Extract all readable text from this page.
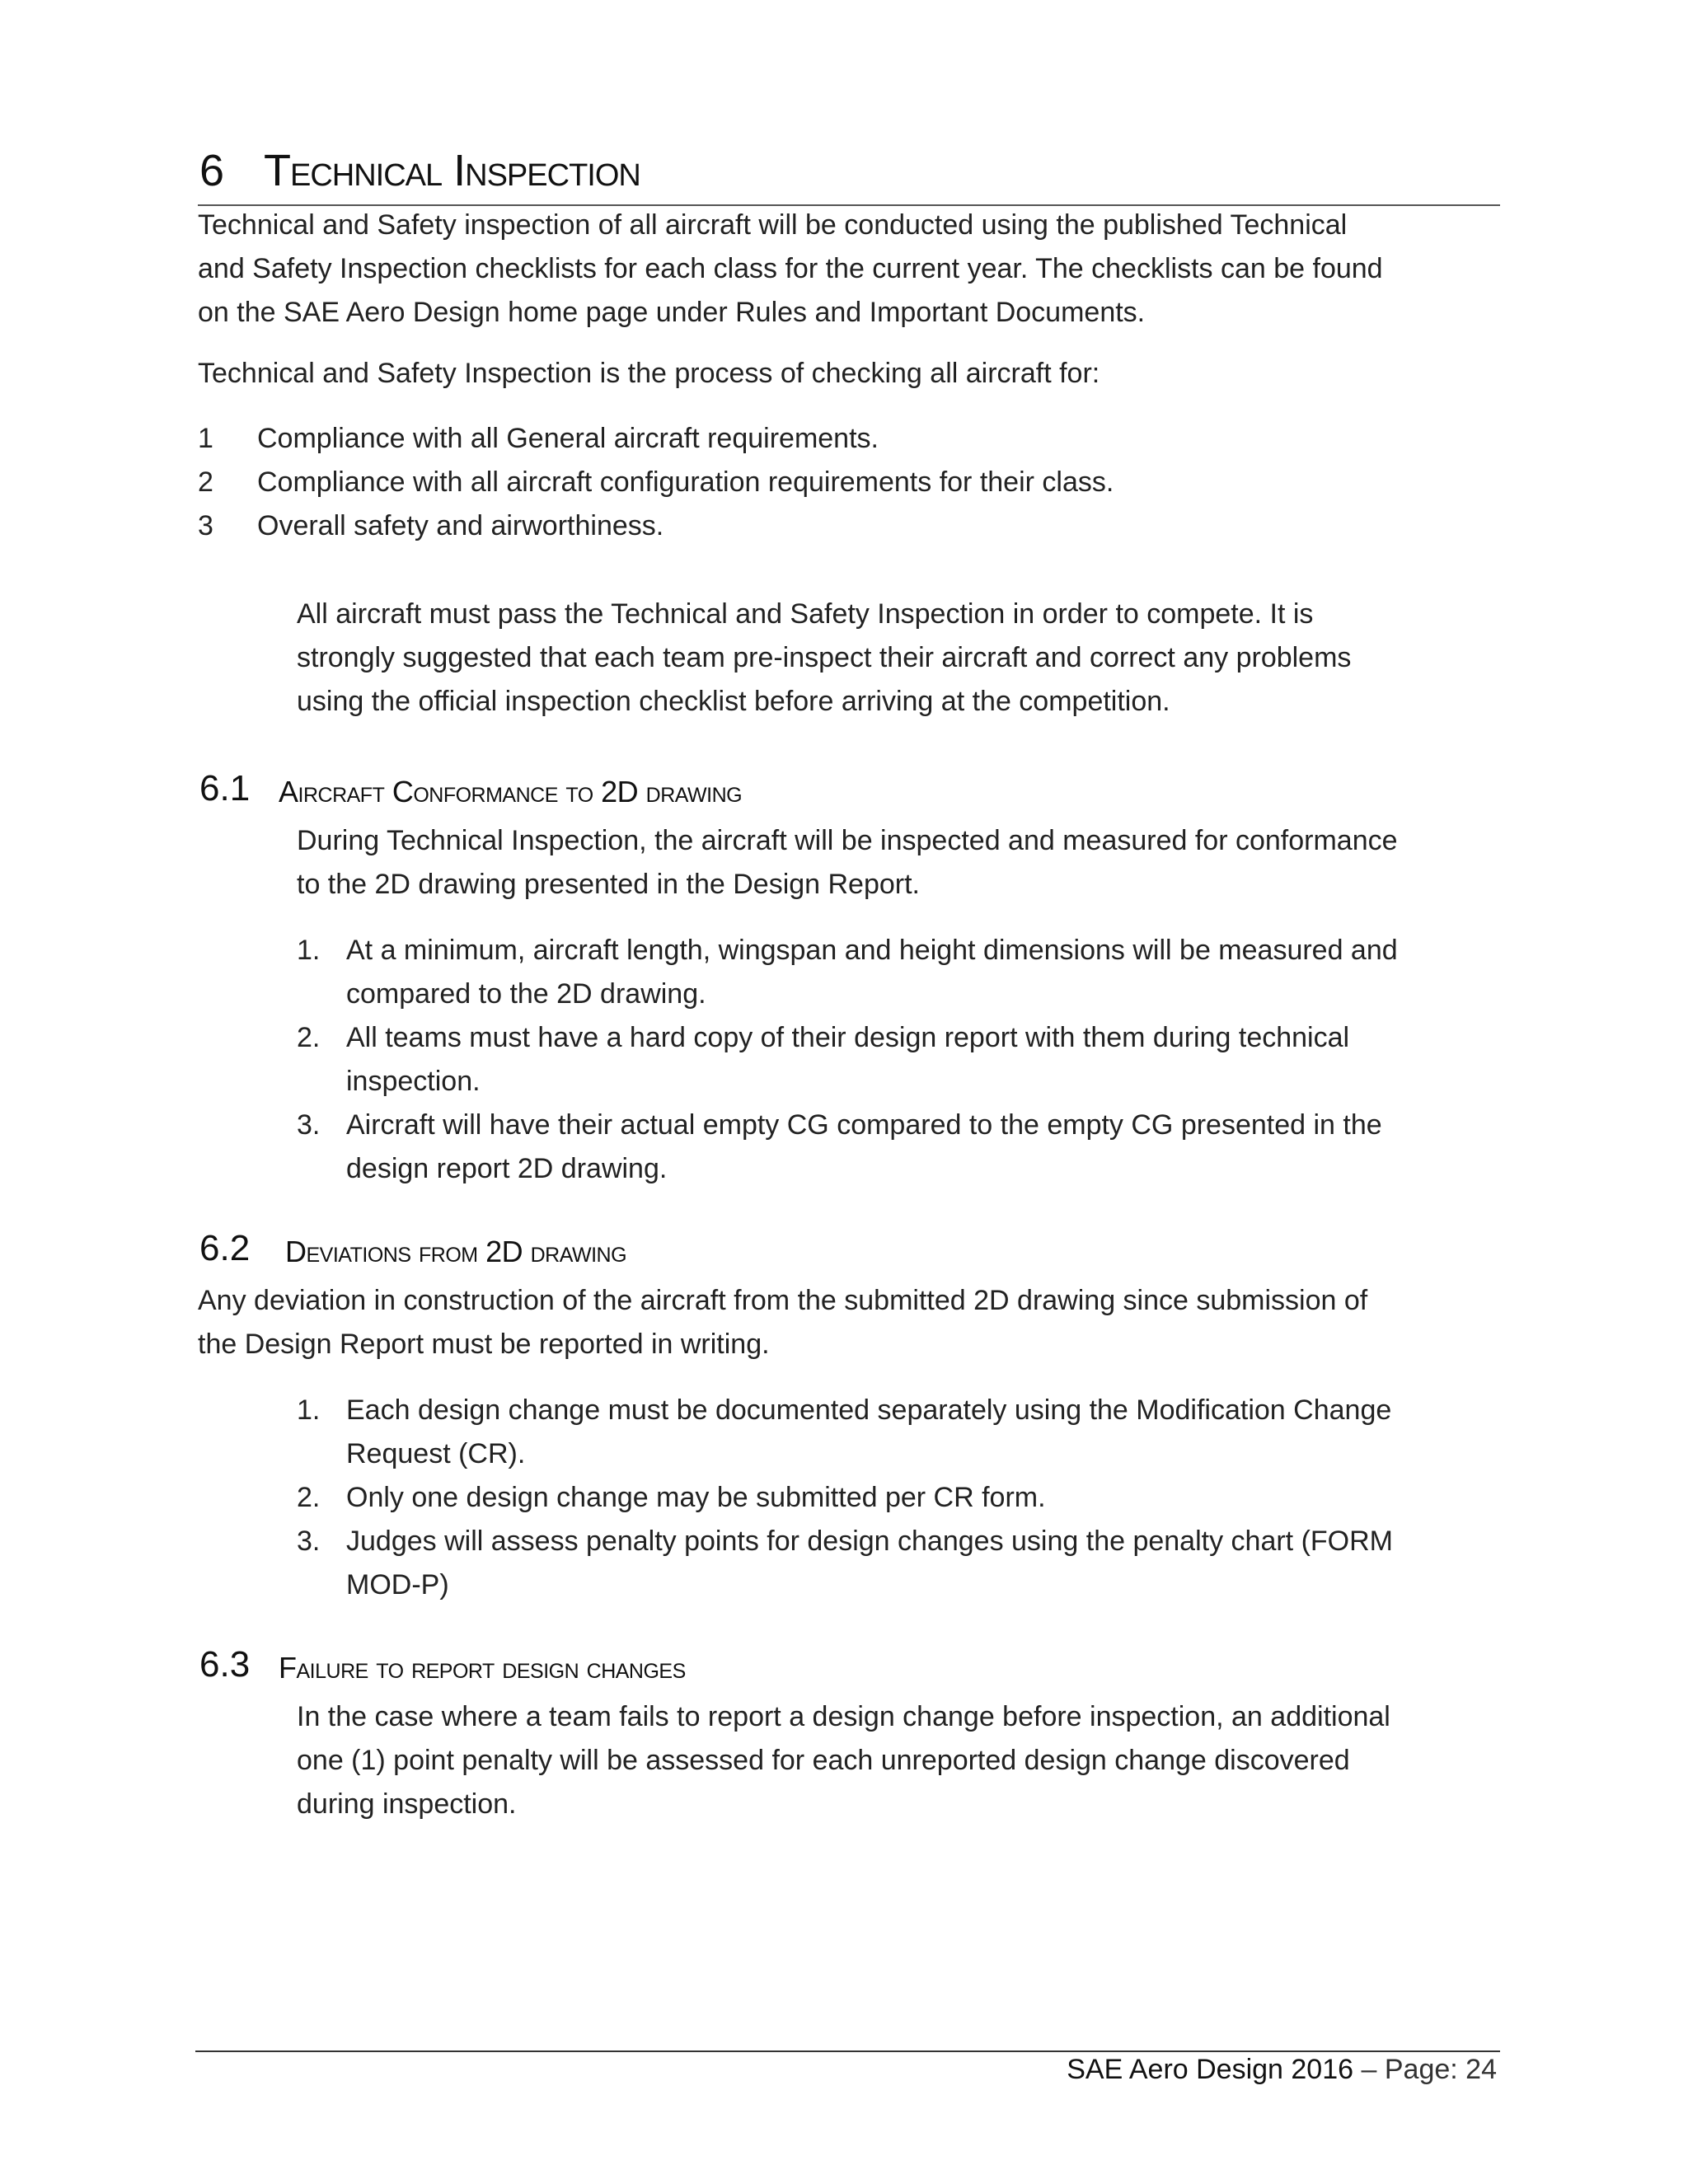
6 Technical Inspection
Technical and Safety inspection of all aircraft will be conducted using the published Technical
and Safety Inspection checklists for each class for the current year. The checklists can be found
on the SAE Aero Design home page under Rules and Important Documents.
Technical and Safety Inspection is the process of checking all aircraft for:
1 Compliance with all General aircraft requirements.
2 Compliance with all aircraft configuration requirements for their class.
3 Overall safety and airworthiness.
All aircraft must pass the Technical and Safety Inspection in order to compete. It is
strongly suggested that each team pre-inspect their aircraft and correct any problems
using the official inspection checklist before arriving at the competition.
6.1 Aircraft Conformance to 2D drawing
During Technical Inspection, the aircraft will be inspected and measured for conformance
to the 2D drawing presented in the Design Report.
1. At a minimum, aircraft length, wingspan and height dimensions will be measured and
compared to the 2D drawing.
2. All teams must have a hard copy of their design report with them during technical
inspection.
3. Aircraft will have their actual empty CG compared to the empty CG presented in the
design report 2D drawing.
6.2 Deviations from 2D drawing
Any deviation in construction of the aircraft from the submitted 2D drawing since submission of
the Design Report must be reported in writing.
1. Each design change must be documented separately using the Modification Change
Request (CR).
2. Only one design change may be submitted per CR form.
3. Judges will assess penalty points for design changes using the penalty chart (FORM
MOD-P)
6.3 Failure to report design changes
In the case where a team fails to report a design change before inspection, an additional
one (1) point penalty will be assessed for each unreported design change discovered
during inspection.
SAE Aero Design 2016 – Page: 24
